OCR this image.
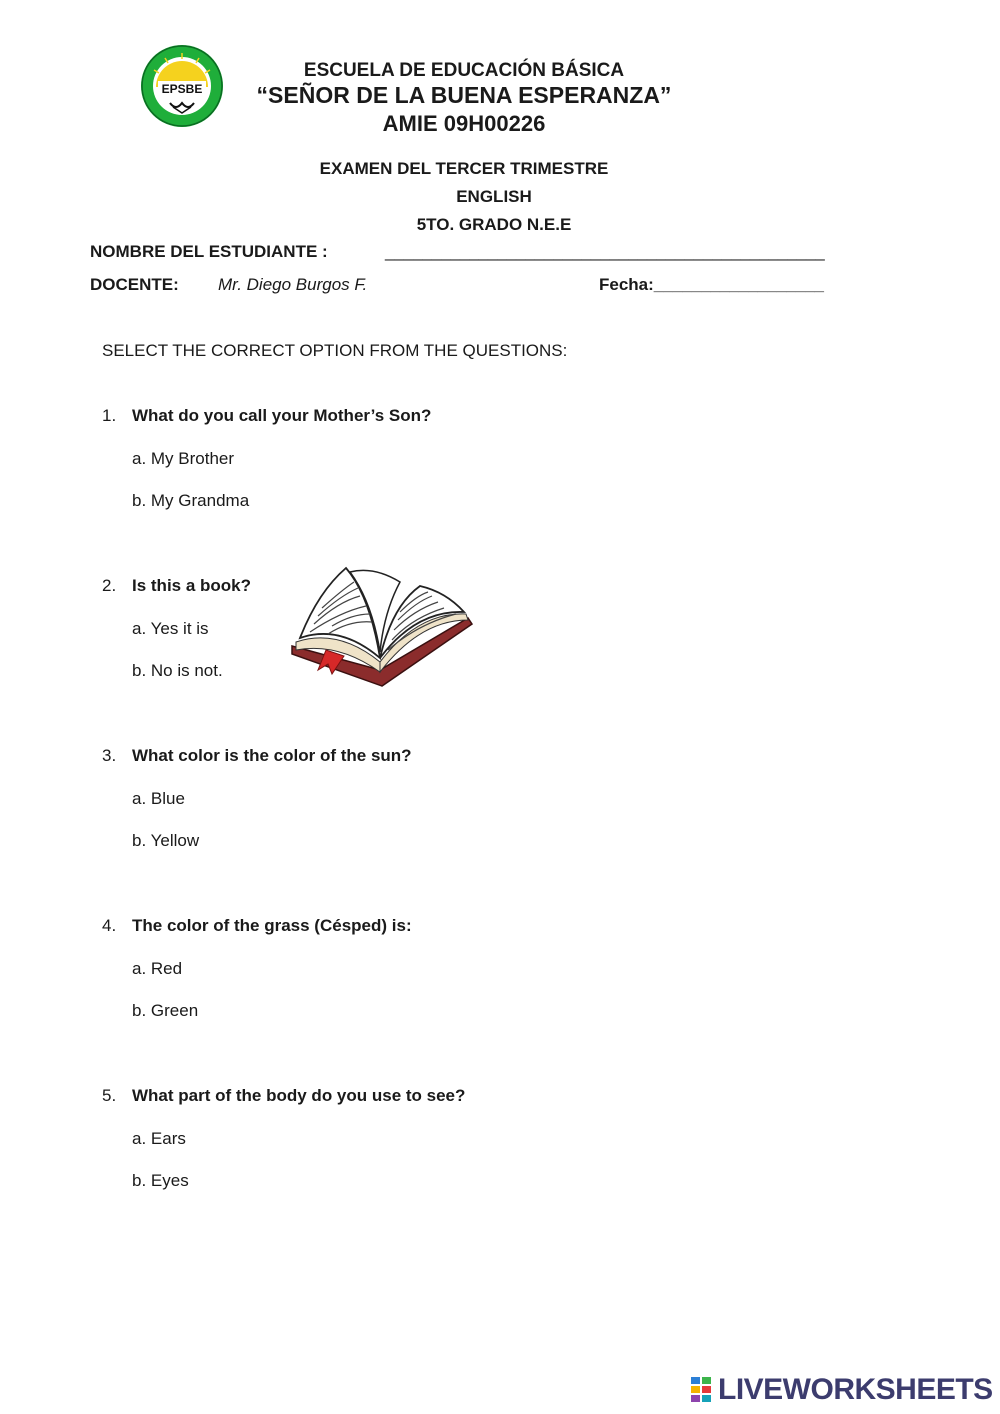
EPSBE
ESCUELA DE EDUCACIÓN BÁSICA
“SEÑOR DE LA BUENA ESPERANZA”
AMIE 09H00226
EXAMEN DEL TERCER TRIMESTRE
ENGLISH
5TO. GRADO N.E.E
NOMBRE DEL ESTUDIANTE :	_______________________________________________
DOCENTE: Mr. Diego Burgos F.	Fecha:__________________
SELECT THE CORRECT OPTION FROM THE QUESTIONS:
1. What do you call your Mother’s Son?
a. My Brother
b. My Grandma
2. Is this a book?
a. Yes it is
b. No is not.
3. What color is the color of the sun?
a. Blue
b. Yellow
4. The color of the grass (Césped) is:
a. Red
b. Green
5. What part of the body do you use to see?
a. Ears
b. Eyes
LIVEWORKSHEETS
